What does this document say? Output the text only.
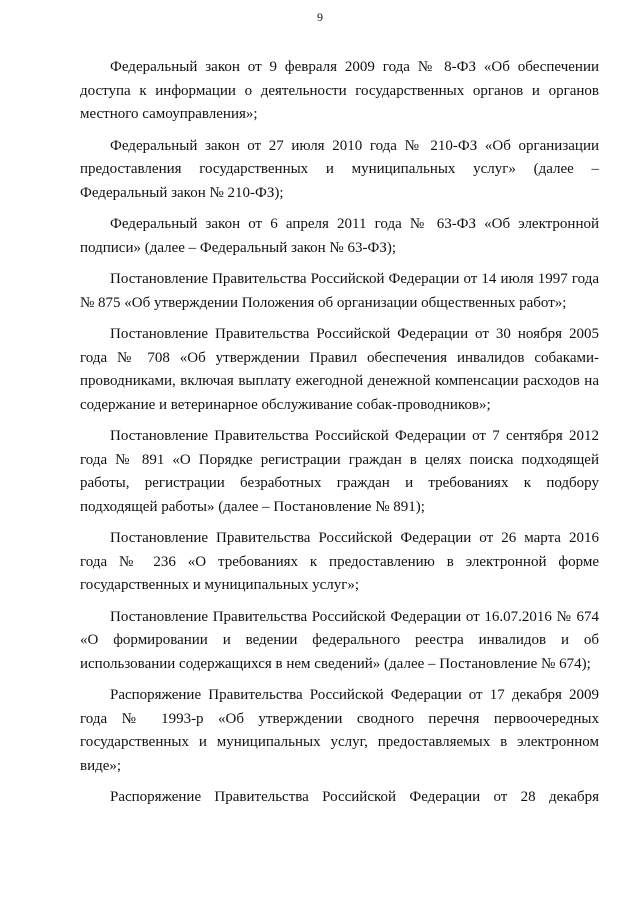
9

Федеральный закон от 9 февраля 2009 года № 8-ФЗ «Об обеспечении доступа к информации о деятельности государственных органов и органов местного самоуправления»;

Федеральный закон от 27 июля 2010 года № 210-ФЗ «Об организации предоставления государственных и муниципальных услуг» (далее – Федеральный закон № 210-ФЗ);

Федеральный закон от 6 апреля 2011 года № 63-ФЗ «Об электронной подписи» (далее – Федеральный закон № 63-ФЗ);

Постановление Правительства Российской Федерации от 14 июля 1997 года № 875 «Об утверждении Положения об организации общественных работ»;

Постановление Правительства Российской Федерации от 30 ноября 2005 года № 708 «Об утверждении Правил обеспечения инвалидов собаками-проводниками, включая выплату ежегодной денежной компенсации расходов на содержание и ветеринарное обслуживание собак-проводников»;

Постановление Правительства Российской Федерации от 7 сентября 2012 года № 891 «О Порядке регистрации граждан в целях поиска подходящей работы, регистрации безработных граждан и требованиях к подбору подходящей работы» (далее – Постановление № 891);

Постановление Правительства Российской Федерации от 26 марта 2016 года № 236 «О требованиях к предоставлению в электронной форме государственных и муниципальных услуг»;

Постановление Правительства Российской Федерации от 16.07.2016 № 674 «О формировании и ведении федерального реестра инвалидов и об использовании содержащихся в нем сведений» (далее – Постановление № 674);

Распоряжение Правительства Российской Федерации от 17 декабря 2009 года № 1993-р «Об утверждении сводного перечня первоочередных государственных и муниципальных услуг, предоставляемых в электронном виде»;

Распоряжение Правительства Российской Федерации от 28 декабря
